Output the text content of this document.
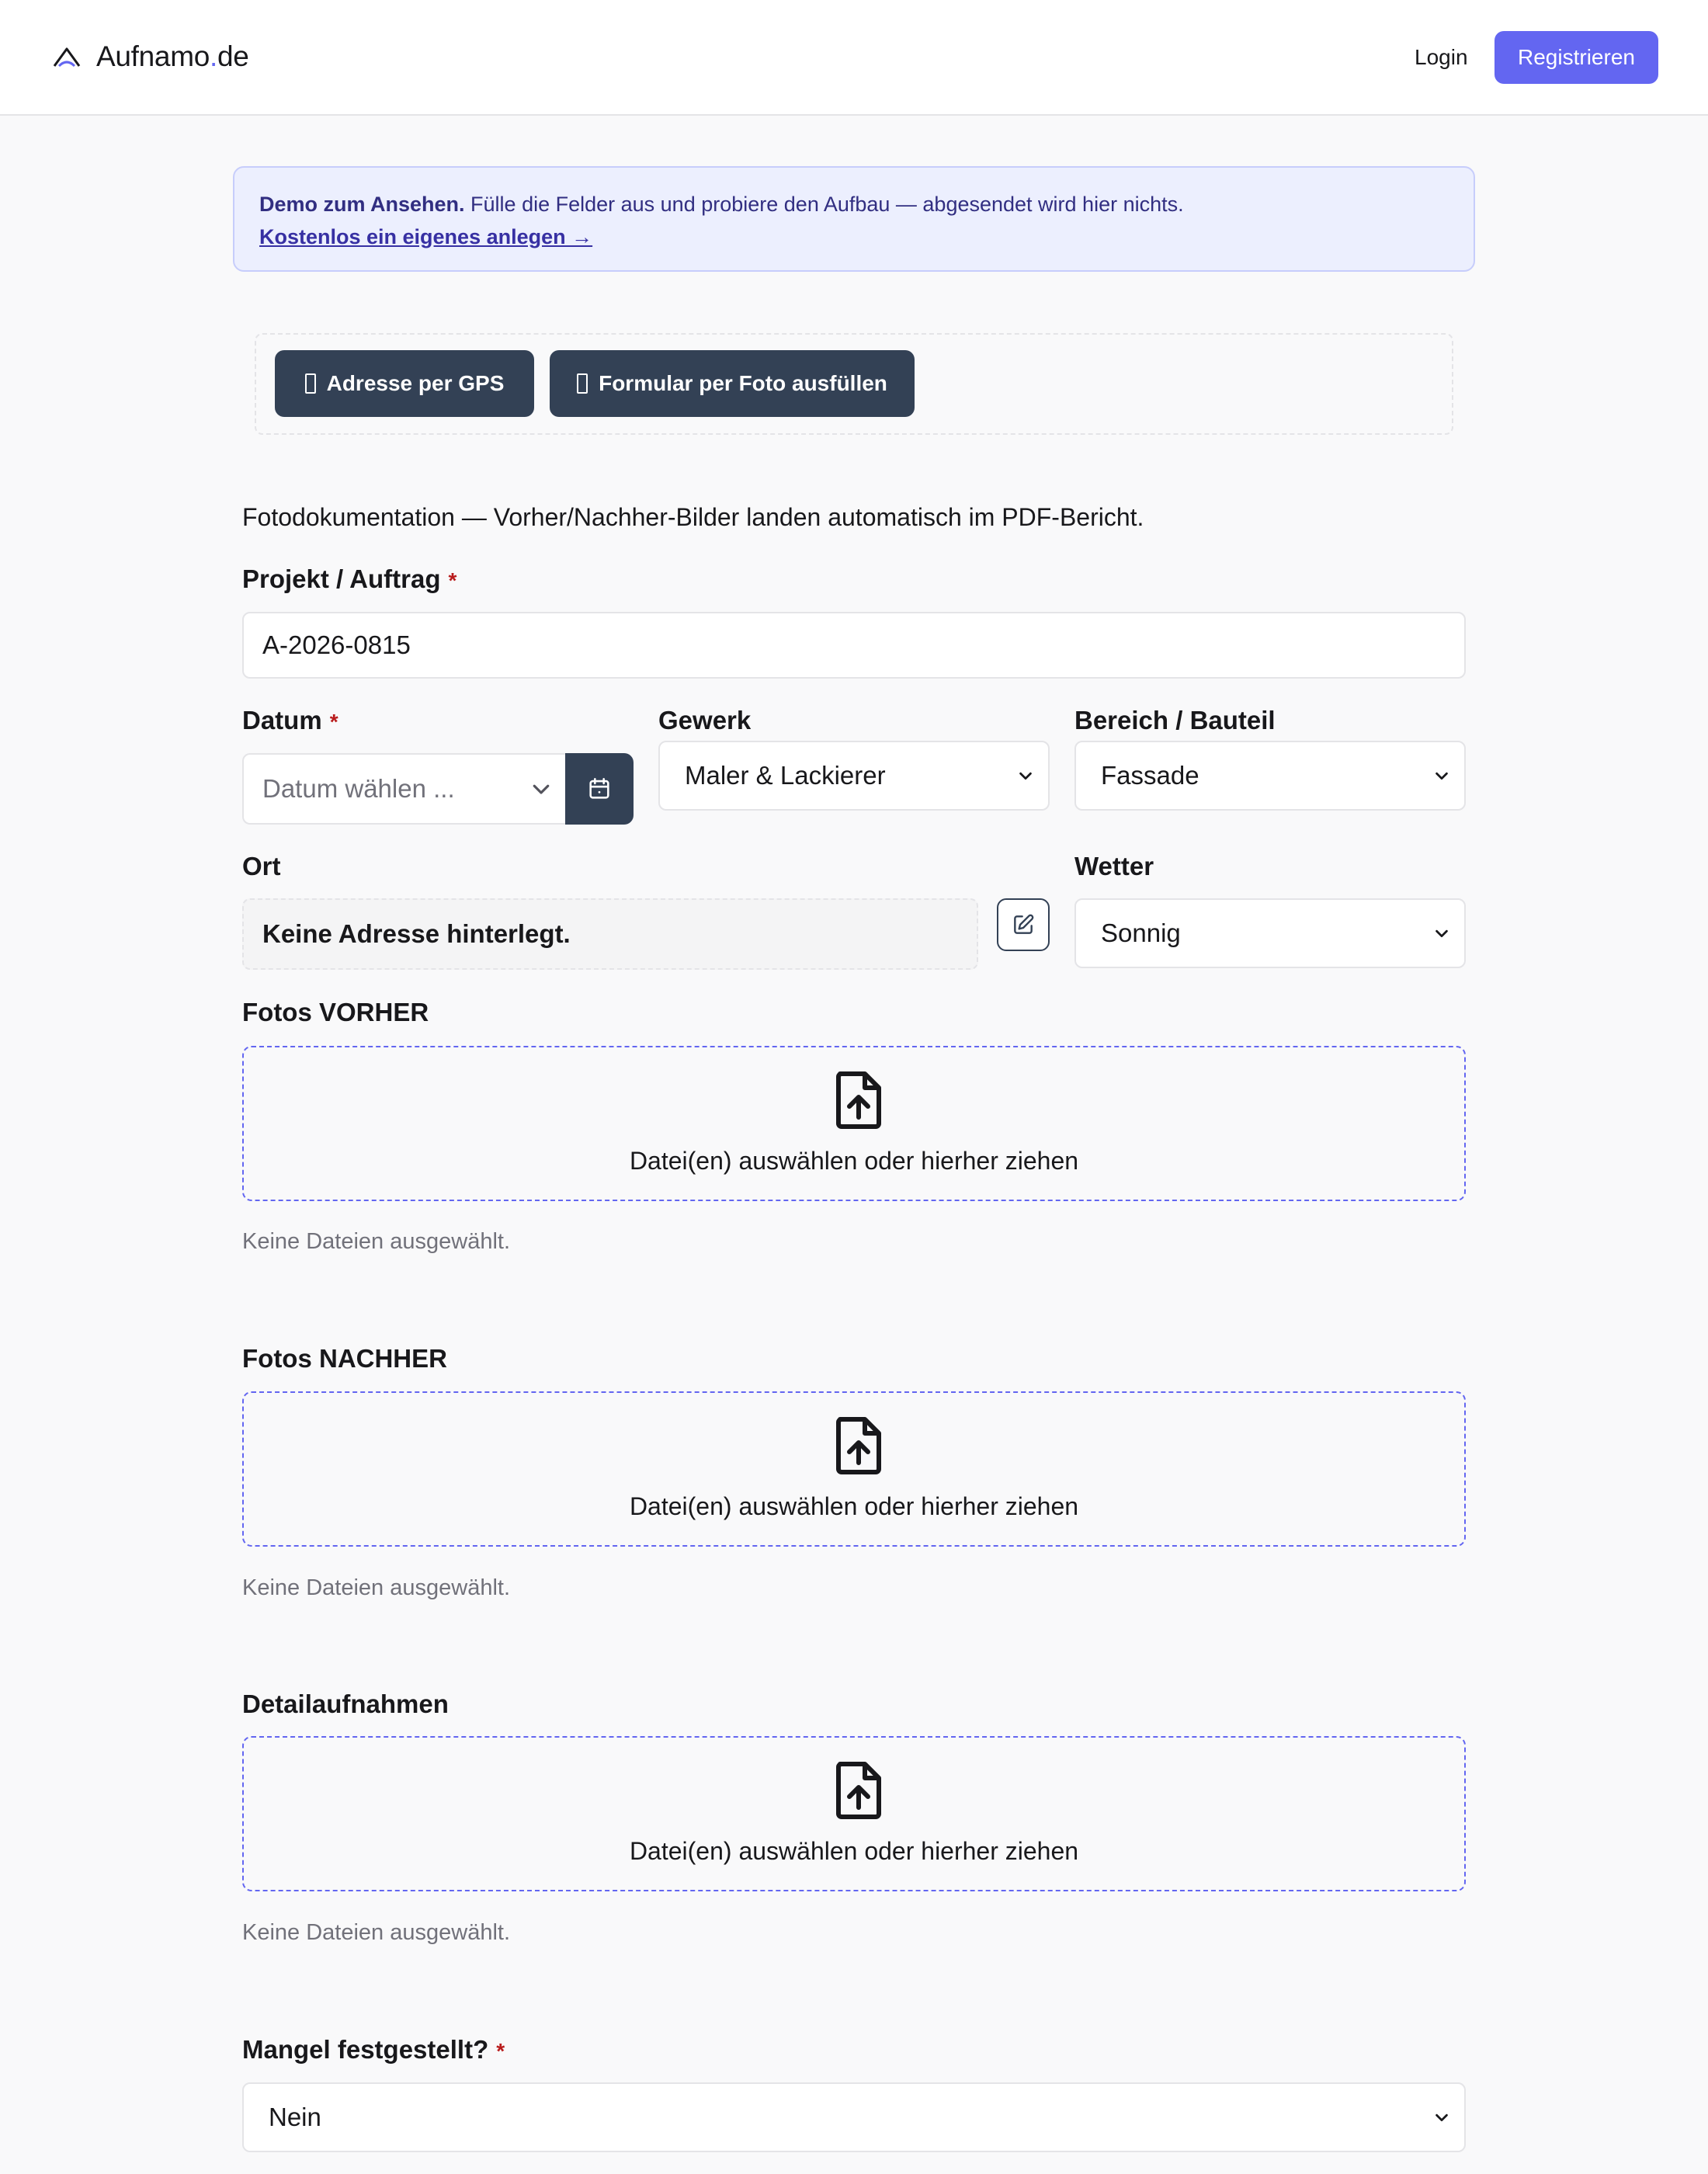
Aufnamo.de	Login	Registrieren
Demo zum Ansehen. Fülle die Felder aus und probiere den Aufbau — abgesendet wird hier nichts.
Kostenlos ein eigenes anlegen →
Adresse per GPS	Formular per Foto ausfüllen
Fotodokumentation — Vorher/Nachher-Bilder landen automatisch im PDF-Bericht.
Projekt / Auftrag *
A-2026-0815
Datum *
Datum wählen ...
Gewerk
Maler & Lackierer
Bereich / Bauteil
Fassade
Ort
Keine Adresse hinterlegt.
Wetter
Sonnig
Fotos VORHER
Datei(en) auswählen oder hierher ziehen
Keine Dateien ausgewählt.
Fotos NACHHER
Datei(en) auswählen oder hierher ziehen
Keine Dateien ausgewählt.
Detailaufnahmen
Datei(en) auswählen oder hierher ziehen
Keine Dateien ausgewählt.
Mangel festgestellt? *
Nein
